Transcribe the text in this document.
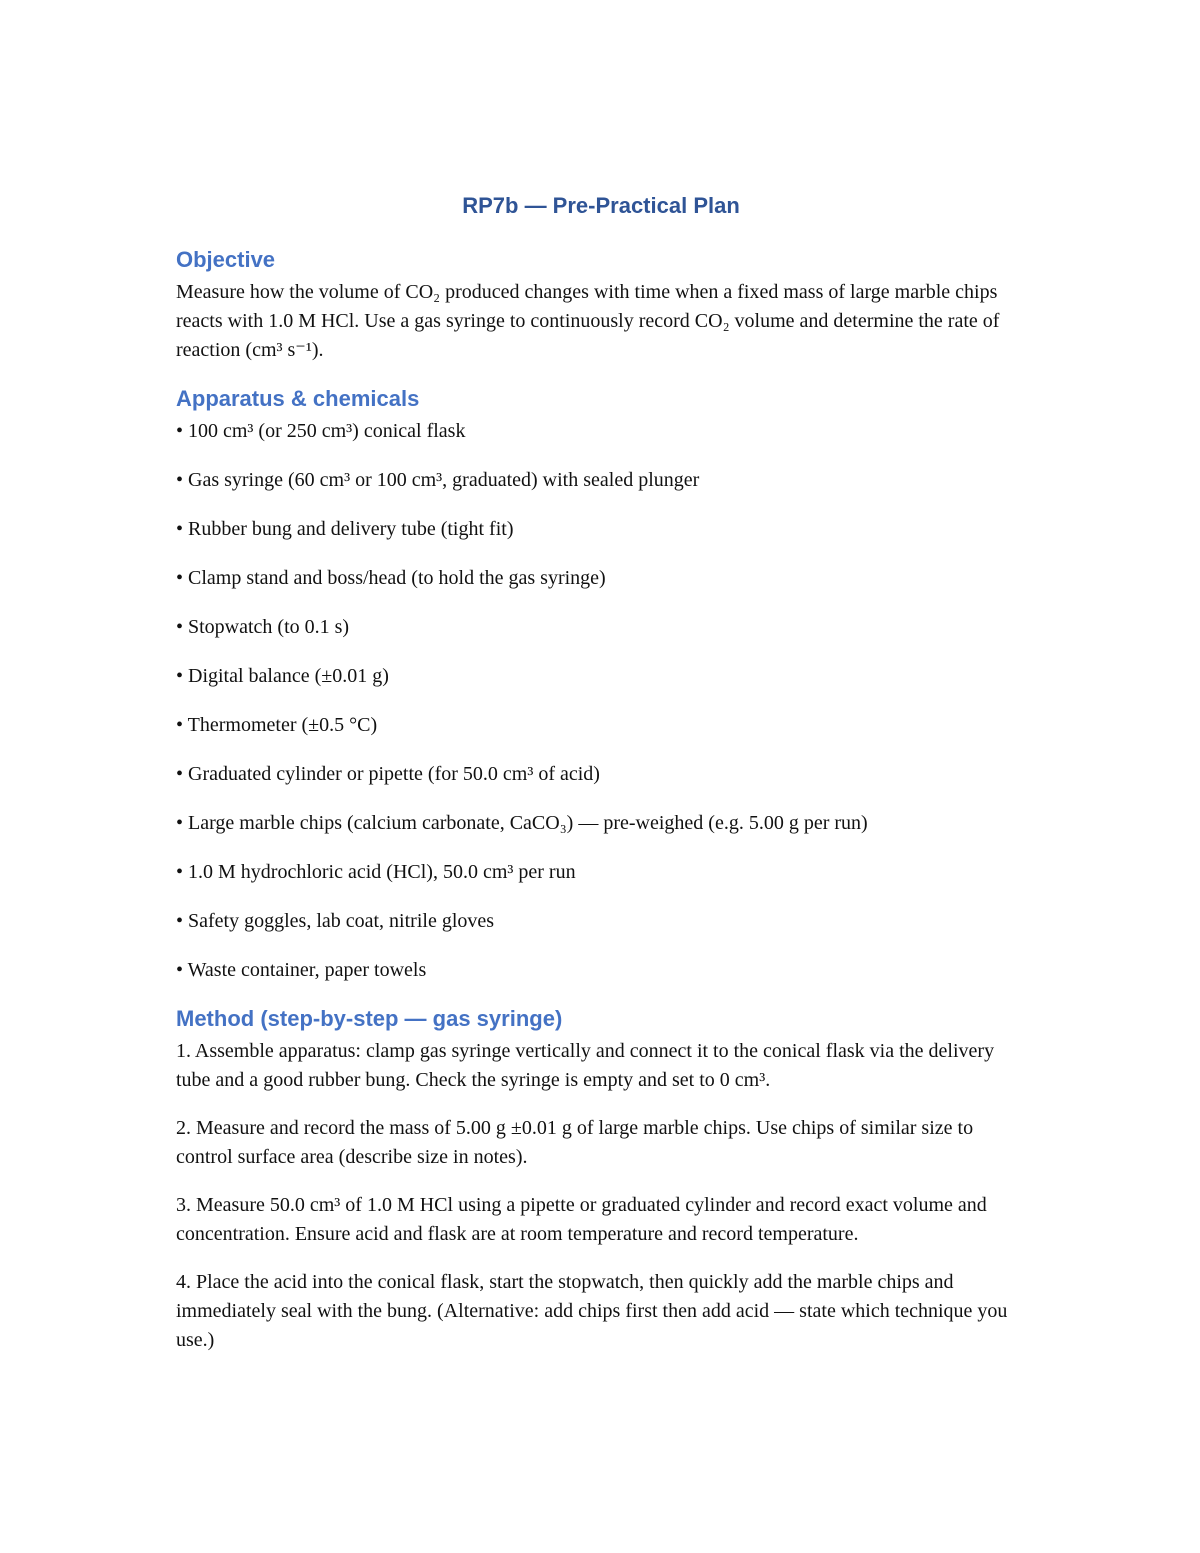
RP7b — Pre-Practical Plan
Objective

Measure how the volume of CO₂ produced changes with time when a fixed mass of large marble chips reacts with 1.0 M HCl. Use a gas syringe to continuously record CO₂ volume and determine the rate of reaction (cm³ s⁻¹).

Apparatus & chemicals
• 100 cm³ (or 250 cm³) conical flask
• Gas syringe (60 cm³ or 100 cm³, graduated) with sealed plunger
• Rubber bung and delivery tube (tight fit)
• Clamp stand and boss/head (to hold the gas syringe)
• Stopwatch (to 0.1 s)
• Digital balance (±0.01 g)
• Thermometer (±0.5 °C)
• Graduated cylinder or pipette (for 50.0 cm³ of acid)
• Large marble chips (calcium carbonate, CaCO₃) — pre-weighed (e.g. 5.00 g per run)
• 1.0 M hydrochloric acid (HCl), 50.0 cm³ per run
• Safety goggles, lab coat, nitrile gloves
• Waste container, paper towels
Method (step-by-step — gas syringe)
1. Assemble apparatus: clamp gas syringe vertically and connect it to the conical flask via the delivery tube and a good rubber bung. Check the syringe is empty and set to 0 cm³.
2. Measure and record the mass of 5.00 g ±0.01 g of large marble chips. Use chips of similar size to control surface area (describe size in notes).
3. Measure 50.0 cm³ of 1.0 M HCl using a pipette or graduated cylinder and record exact volume and concentration. Ensure acid and flask are at room temperature and record temperature.
4. Place the acid into the conical flask, start the stopwatch, then quickly add the marble chips and immediately seal with the bung. (Alternative: add chips first then add acid — state which technique you use.)
